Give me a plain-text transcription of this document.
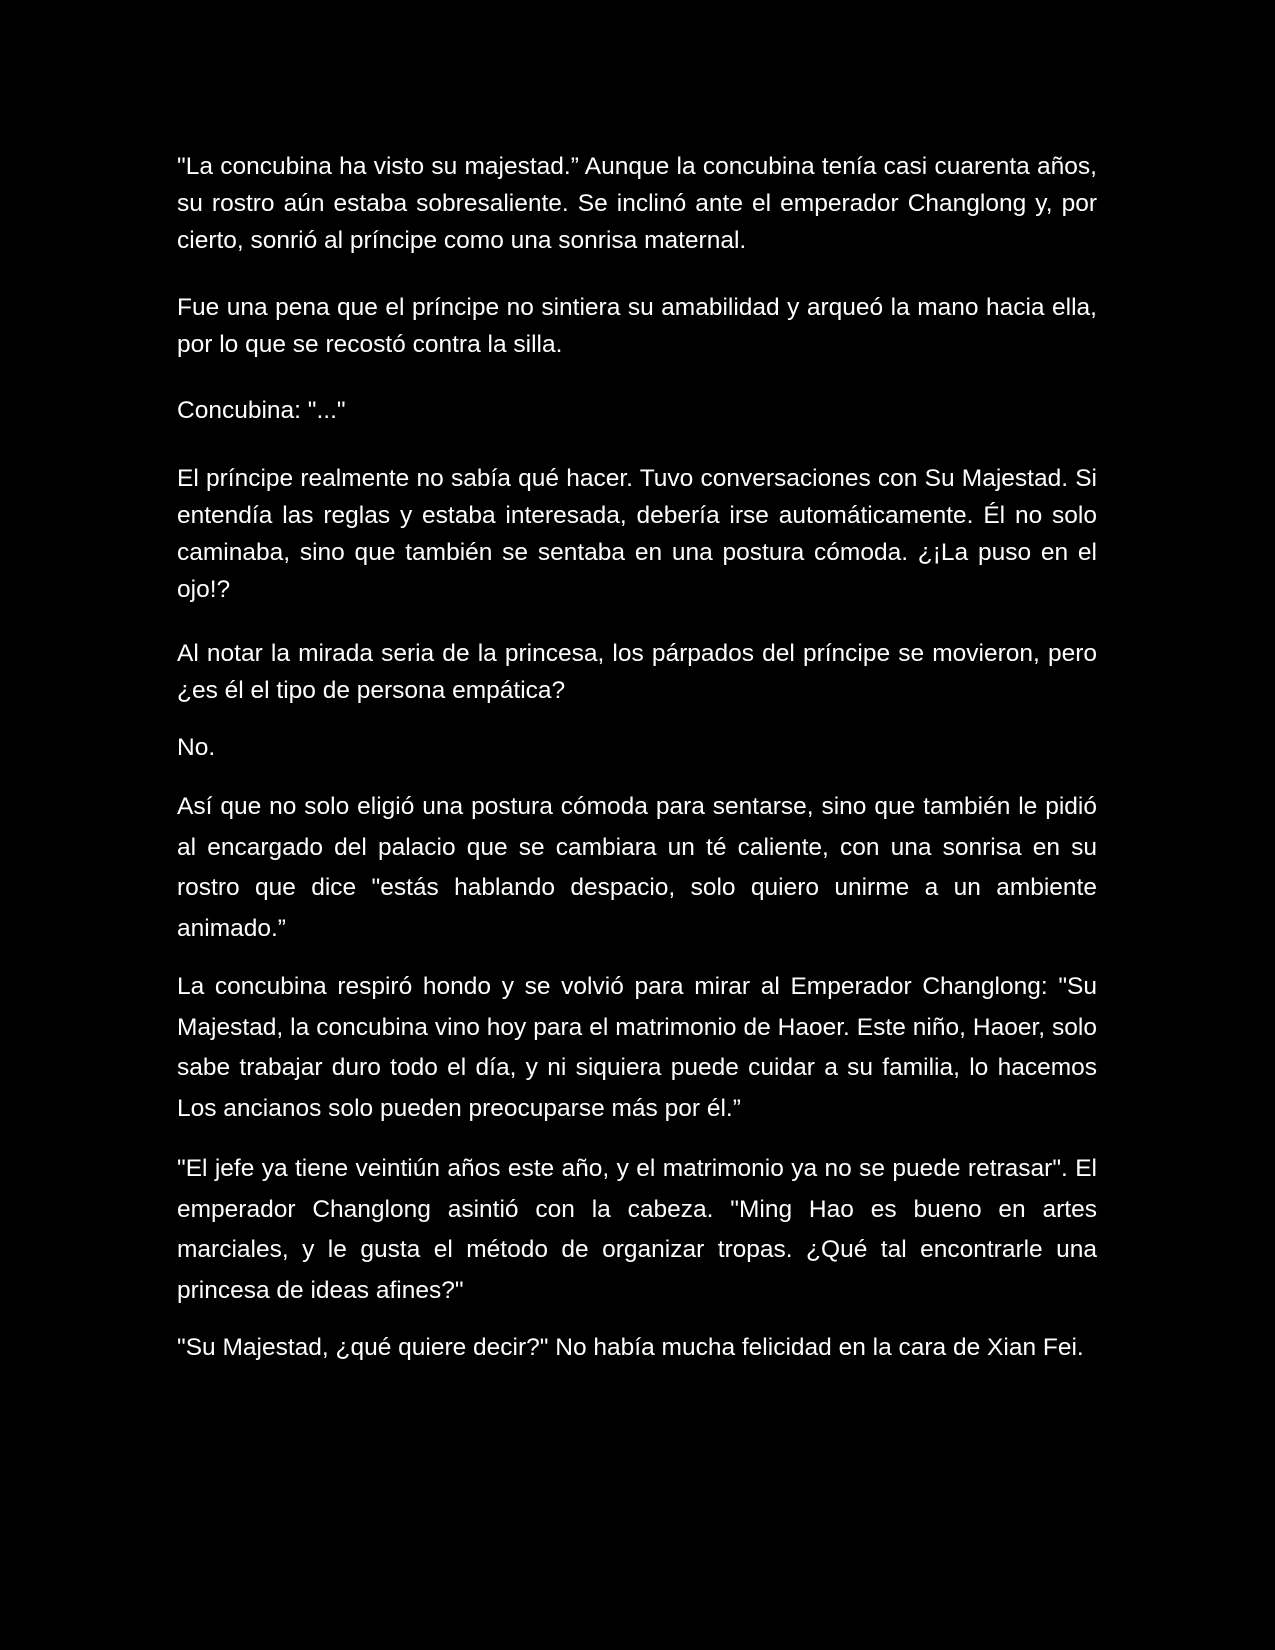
"La concubina ha visto su majestad.” Aunque la concubina tenía casi cuarenta años, su rostro aún estaba sobresaliente. Se inclinó ante el emperador Changlong y, por cierto, sonrió al príncipe como una sonrisa maternal.

Fue una pena que el príncipe no sintiera su amabilidad y arqueó la mano hacia ella, por lo que se recostó contra la silla.

Concubina: "..."

El príncipe realmente no sabía qué hacer. Tuvo conversaciones con Su Majestad. Si entendía las reglas y estaba interesada, debería irse automáticamente. Él no solo caminaba, sino que también se sentaba en una postura cómoda. ¿¡La puso en el ojo!?

Al notar la mirada seria de la princesa, los párpados del príncipe se movieron, pero ¿es él el tipo de persona empática?

No.

Así que no solo eligió una postura cómoda para sentarse, sino que también le pidió al encargado del palacio que se cambiara un té caliente, con una sonrisa en su rostro que dice "estás hablando despacio, solo quiero unirme a un ambiente animado.”

La concubina respiró hondo y se volvió para mirar al Emperador Changlong: "Su Majestad, la concubina vino hoy para el matrimonio de Haoer. Este niño, Haoer, solo sabe trabajar duro todo el día, y ni siquiera puede cuidar a su familia, lo hacemos Los ancianos solo pueden preocuparse más por él.”

"El jefe ya tiene veintiún años este año, y el matrimonio ya no se puede retrasar". El emperador Changlong asintió con la cabeza. "Ming Hao es bueno en artes marciales, y le gusta el método de organizar tropas. ¿Qué tal encontrarle una princesa de ideas afines?"

"Su Majestad, ¿qué quiere decir?" No había mucha felicidad en la cara de Xian Fei.
